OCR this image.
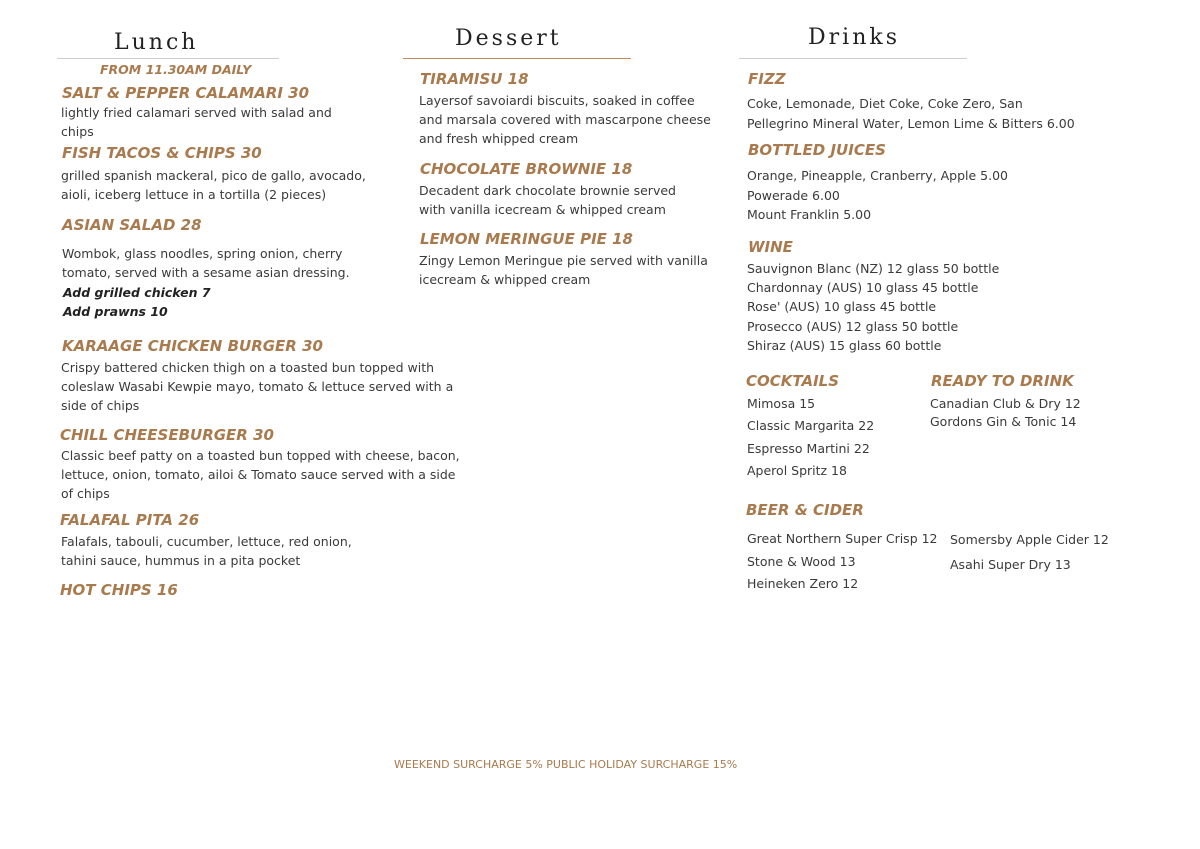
Lunch
FROM 11.30AM DAILY
SALT & PEPPER CALAMARI 30
lightly fried calamari served with salad and chips
FISH TACOS & CHIPS 30
grilled spanish mackeral, pico de gallo, avocado, aioli, iceberg lettuce in a tortilla (2 pieces)
ASIAN SALAD 28
Wombok, glass noodles, spring onion, cherry tomato, served with a sesame asian dressing.
Add grilled chicken 7
Add prawns 10
KARAAGE CHICKEN BURGER 30
Crispy battered chicken thigh on a toasted bun topped with coleslaw Wasabi Kewpie mayo, tomato & lettuce served with a side of chips
CHILL CHEESEBURGER 30
Classic beef patty on a toasted bun topped with cheese, bacon, lettuce, onion, tomato, ailoi & Tomato sauce served with a side of chips
FALAFAL PITA 26
Falafals, tabouli, cucumber, lettuce, red onion, tahini sauce, hummus in a pita pocket
HOT CHIPS 16
Dessert
TIRAMISU 18
Layersof savoiardi biscuits, soaked in coffee and marsala covered with mascarpone cheese and fresh whipped cream
CHOCOLATE BROWNIE 18
Decadent dark chocolate brownie served with vanilla icecream & whipped cream
LEMON MERINGUE PIE 18
Zingy Lemon Meringue pie served with vanilla icecream & whipped cream
Drinks
FIZZ
Coke, Lemonade, Diet Coke, Coke Zero, San
Pellegrino Mineral Water, Lemon Lime & Bitters 6.00
BOTTLED JUICES
Orange, Pineapple, Cranberry, Apple 5.00
Powerade 6.00
Mount Franklin 5.00
WINE
Sauvignon Blanc (NZ) 12 glass 50 bottle
Chardonnay (AUS) 10 glass 45 bottle
Rose' (AUS) 10 glass 45 bottle
Prosecco (AUS) 12 glass 50 bottle
Shiraz (AUS) 15 glass 60 bottle
COCKTAILS
Mimosa 15
Classic Margarita 22
Espresso Martini 22
Aperol Spritz 18
READY TO DRINK
Canadian Club & Dry 12
Gordons Gin & Tonic 14
BEER & CIDER
Great Northern Super Crisp 12
Stone & Wood 13
Heineken Zero 12
Somersby Apple Cider 12
Asahi Super Dry 13
WEEKEND SURCHARGE 5% PUBLIC HOLIDAY SURCHARGE 15%
